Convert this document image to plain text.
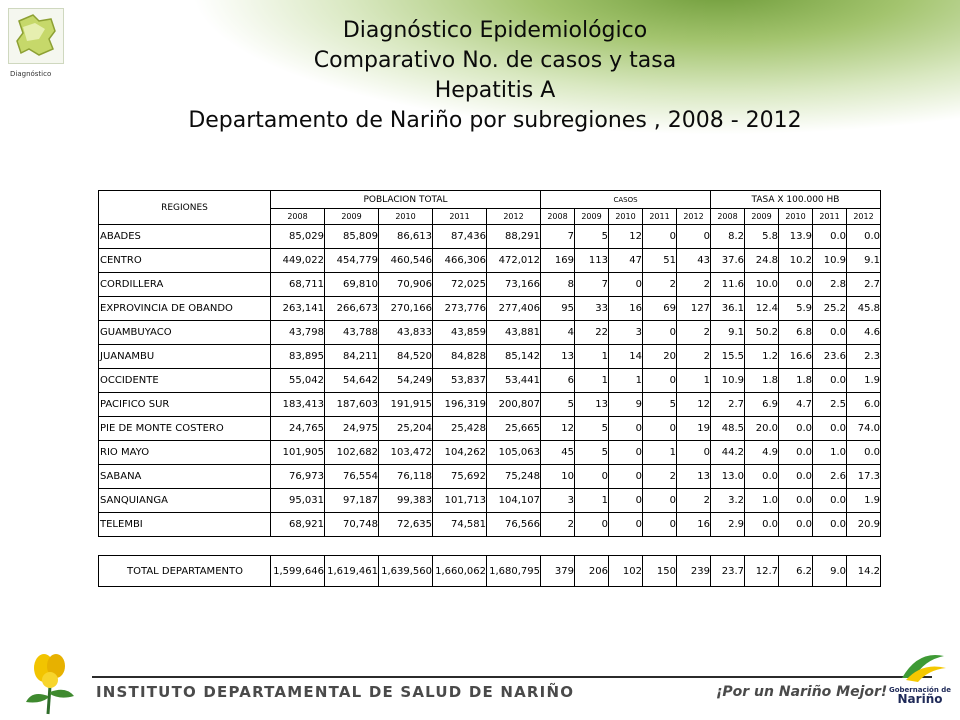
Diagnóstico
Diagnóstico Epidemiológico
Comparativo No. de casos y tasa
Hepatitis A
Departamento de Nariño por subregiones , 2008 - 2012
REGIONES	POBLACION TOTAL					CASOS					TASA X 100.000 HB				
	2008	2009	2010	2011	2012	2008	2009	2010	2011	2012	2008	2009	2010	2011	2012
ABADES	85,029	85,809	86,613	87,436	88,291	7	5	12	0	0	8.2	5.8	13.9	0.0	0.0
CENTRO	449,022	454,779	460,546	466,306	472,012	169	113	47	51	43	37.6	24.8	10.2	10.9	9.1
CORDILLERA	68,711	69,810	70,906	72,025	73,166	8	7	0	2	2	11.6	10.0	0.0	2.8	2.7
EXPROVINCIA DE OBANDO	263,141	266,673	270,166	273,776	277,406	95	33	16	69	127	36.1	12.4	5.9	25.2	45.8
GUAMBUYACO	43,798	43,788	43,833	43,859	43,881	4	22	3	0	2	9.1	50.2	6.8	0.0	4.6
JUANAMBU	83,895	84,211	84,520	84,828	85,142	13	1	14	20	2	15.5	1.2	16.6	23.6	2.3
OCCIDENTE	55,042	54,642	54,249	53,837	53,441	6	1	1	0	1	10.9	1.8	1.8	0.0	1.9
PACIFICO SUR	183,413	187,603	191,915	196,319	200,807	5	13	9	5	12	2.7	6.9	4.7	2.5	6.0
PIE DE MONTE COSTERO	24,765	24,975	25,204	25,428	25,665	12	5	0	0	19	48.5	20.0	0.0	0.0	74.0
RIO MAYO	101,905	102,682	103,472	104,262	105,063	45	5	0	1	0	44.2	4.9	0.0	1.0	0.0
SABANA	76,973	76,554	76,118	75,692	75,248	10	0	0	2	13	13.0	0.0	0.0	2.6	17.3
SANQUIANGA	95,031	97,187	99,383	101,713	104,107	3	1	0	0	2	3.2	1.0	0.0	0.0	1.9
TELEMBI	68,921	70,748	72,635	74,581	76,566	2	0	0	0	16	2.9	0.0	0.0	0.0	20.9

TOTAL DEPARTAMENTO	1,599,646	1,619,461	1,639,560	1,660,062	1,680,795	379	206	102	150	239	23.7	12.7	6.2	9.0	14.2
INSTITUTO DEPARTAMENTAL DE SALUD DE NARIÑO	¡Por un Nariño Mejor! Gobernación de
Nariño
